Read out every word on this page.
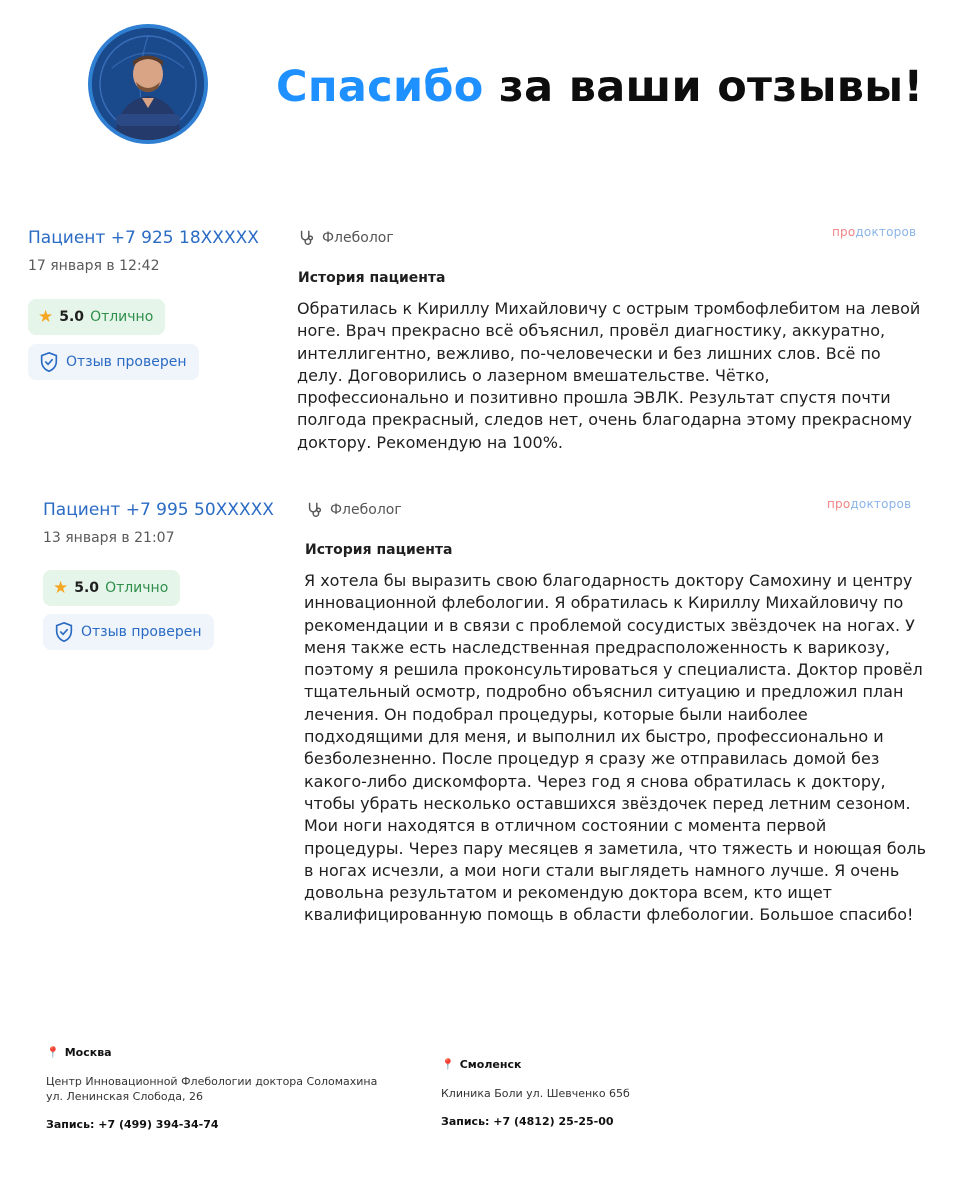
Спасибо за ваши отзывы!
Пациент +7 925 18XXXXX
17 января в 12:42
★ 5.0 Отлично
Отзыв проверен
Флеболог	продокторов
История пациента
Обратилась к Кириллу Михайловичу с острым тромбофлебитом на левой ноге. Врач прекрасно всё объяснил, провёл диагностику, аккуратно, интеллигентно, вежливо, по-человечески и без лишних слов. Всё по делу. Договорились о лазерном вмешательстве. Чётко, профессионально и позитивно прошла ЭВЛК. Результат спустя почти полгода прекрасный, следов нет, очень благодарна этому прекрасному доктору. Рекомендую на 100%.
Пациент +7 995 50XXXXX
13 января в 21:07
★ 5.0 Отлично
Отзыв проверен
Флеболог	продокторов
История пациента
Я хотела бы выразить свою благодарность доктору Самохину и центру инновационной флебологии. Я обратилась к Кириллу Михайловичу по рекомендации и в связи с проблемой сосудистых звёздочек на ногах. У меня также есть наследственная предрасположенность к варикозу, поэтому я решила проконсультироваться у специалиста. Доктор провёл тщательный осмотр, подробно объяснил ситуацию и предложил план лечения. Он подобрал процедуры, которые были наиболее подходящими для меня, и выполнил их быстро, профессионально и безболезненно. После процедур я сразу же отправилась домой без какого-либо дискомфорта. Через год я снова обратилась к доктору, чтобы убрать несколько оставшихся звёздочек перед летним сезоном. Мои ноги находятся в отличном состоянии с момента первой процедуры. Через пару месяцев я заметила, что тяжесть и ноющая боль в ногах исчезли, а мои ноги стали выглядеть намного лучше. Я очень довольна результатом и рекомендую доктора всем, кто ищет квалифицированную помощь в области флебологии. Большое спасибо!
📍 Москва
Центр Инновационной Флебологии доктора Соломахина
ул. Ленинская Слобода, 26
Запись: +7 (499) 394-34-74
📍 Смоленск
Клиника Боли ул. Шевченко 65б
Запись: +7 (4812) 25-25-00
